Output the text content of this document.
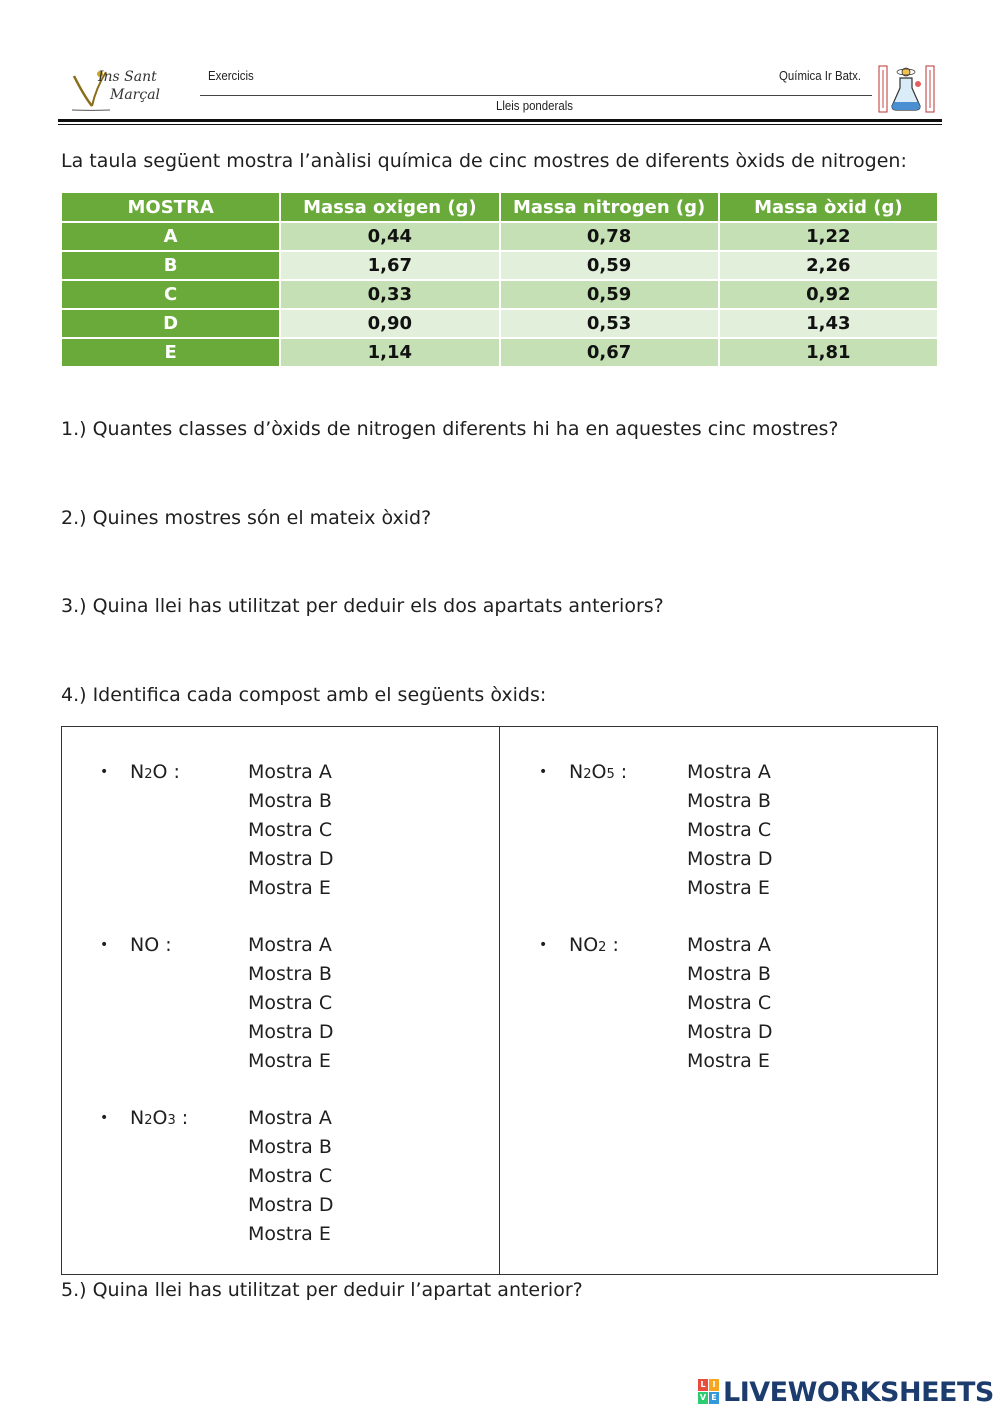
Ins Sant
Marçal
Exercicis	Química Ir Batx.
Lleis ponderals
La taula següent mostra l’anàlisi química de cinc mostres de diferents òxids de nitrogen:
MOSTRA	Massa oxigen (g)	Massa nitrogen (g)	Massa òxid (g)
A	0,44	0,78	1,22
B	1,67	0,59	2,26
C	0,33	0,59	0,92
D	0,90	0,53	1,43
E	1,14	0,67	1,81
1.) Quantes classes d’òxids de nitrogen diferents hi ha en aquestes cinc mostres?
2.) Quines mostres són el mateix òxid?
3.) Quina llei has utilitzat per deduir els dos apartats anteriors?
4.) Identifica cada compost amb el següents òxids:
• N2O :	Mostra A
Mostra B
Mostra C
Mostra D
Mostra E
• NO :	Mostra A
Mostra B
Mostra C
Mostra D
Mostra E
• N2O3 :	Mostra A
Mostra B
Mostra C
Mostra D
Mostra E
• N2O5 :	Mostra A
Mostra B
Mostra C
Mostra D
Mostra E
• NO2 :	Mostra A
Mostra B
Mostra C
Mostra D
Mostra E
5.) Quina llei has utilitzat per deduir l’apartat anterior?
L I
V E LIVEWORKSHEETS
